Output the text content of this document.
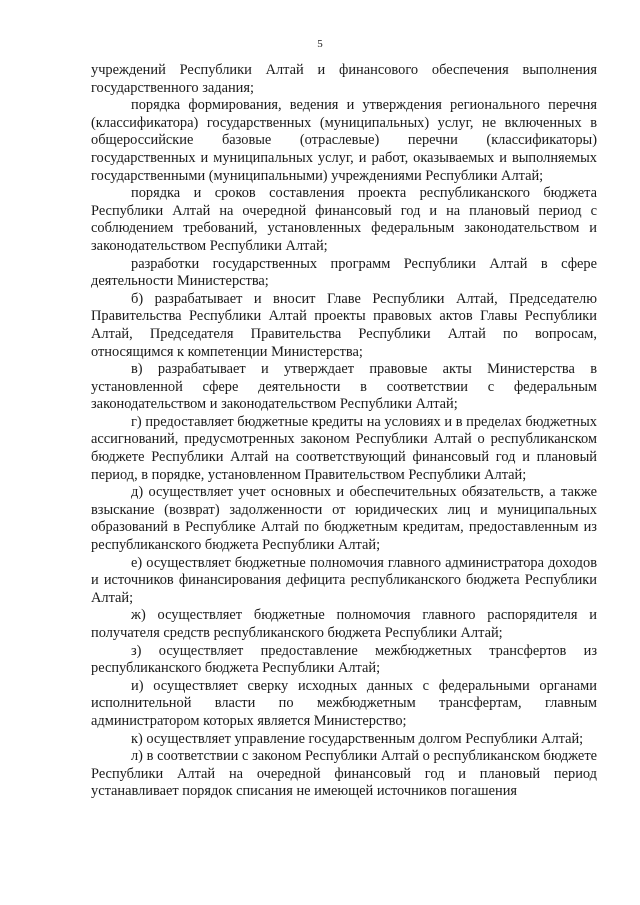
5

учреждений Республики Алтай и финансового обеспечения выполнения государственного задания;

порядка формирования, ведения и утверждения регионального перечня (классификатора) государственных (муниципальных) услуг, не включенных в общероссийские базовые (отраслевые) перечни (классификаторы) государственных и муниципальных услуг, и работ, оказываемых и выполняемых государственными (муниципальными) учреждениями Республики Алтай;

порядка и сроков составления проекта республиканского бюджета Республики Алтай на очередной финансовый год и на плановый период с соблюдением требований, установленных федеральным законодательством и законодательством Республики Алтай;

разработки государственных программ Республики Алтай в сфере деятельности Министерства;

б) разрабатывает и вносит Главе Республики Алтай, Председателю Правительства Республики Алтай проекты правовых актов Главы Республики Алтай, Председателя Правительства Республики Алтай по вопросам, относящимся к компетенции Министерства;

в) разрабатывает и утверждает правовые акты Министерства в установленной сфере деятельности в соответствии с федеральным законодательством и законодательством Республики Алтай;

г) предоставляет бюджетные кредиты на условиях и в пределах бюджетных ассигнований, предусмотренных законом Республики Алтай о республиканском бюджете Республики Алтай на соответствующий финансовый год и плановый период, в порядке, установленном Правительством Республики Алтай;

д) осуществляет учет основных и обеспечительных обязательств, а также взыскание (возврат) задолженности от юридических лиц и муниципальных образований в Республике Алтай по бюджетным кредитам, предоставленным из республиканского бюджета Республики Алтай;

е) осуществляет бюджетные полномочия главного администратора доходов и источников финансирования дефицита республиканского бюджета Республики Алтай;

ж) осуществляет бюджетные полномочия главного распорядителя и получателя средств республиканского бюджета Республики Алтай;

з) осуществляет предоставление межбюджетных трансфертов из республиканского бюджета Республики Алтай;

и) осуществляет сверку исходных данных с федеральными органами исполнительной власти по межбюджетным трансфертам, главным администратором которых является Министерство;

к) осуществляет управление государственным долгом Республики Алтай;

л) в соответствии с законом Республики Алтай о республиканском бюджете Республики Алтай на очередной финансовый год и плановый период устанавливает порядок списания не имеющей источников погашения
